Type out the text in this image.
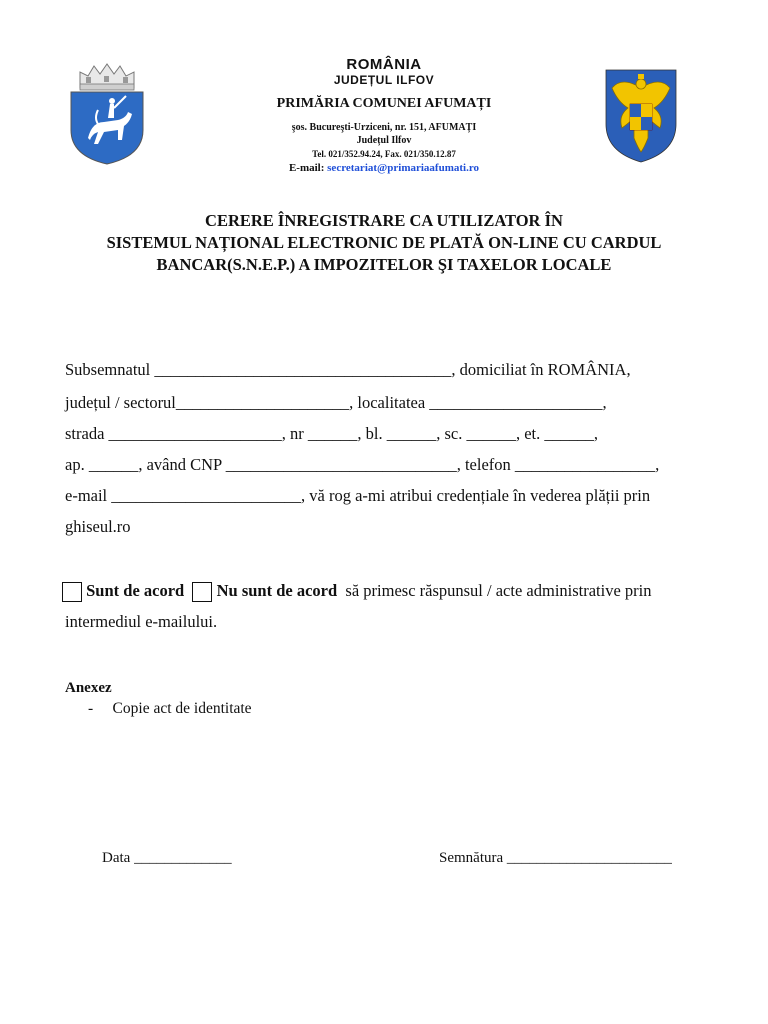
ROMÂNIA
JUDEȚUL ILFOV
PRIMĂRIA COMUNEI AFUMAȚI
şos. Bucureşti-Urziceni, nr. 151, AFUMAȚI
Județul Ilfov
Tel. 021/352.94.24, Fax. 021/350.12.87
E-mail: secretariat@primariaafumati.ro
CERERE ÎNREGISTRARE CA UTILIZATOR ÎN
SISTEMUL NAȚIONAL ELECTRONIC DE PLATĂ ON-LINE CU CARDUL
BANCAR(S.N.E.P.) A IMPOZITELOR ŞI TAXELOR LOCALE
Subsemnatul ____________________________________, domiciliat în ROMÂNIA,
județul / sectorul_____________________, localitatea _____________________,
strada _____________________, nr ______, bl. ______, sc. ______, et. ______,
ap. ______, având CNP ____________________________, telefon _________________,
e-mail _______________________, vă rog a-mi atribui credențiale în vederea plății prin
ghiseul.ro
Sunt de acord Nu sunt de acord să primesc răspunsul / acte administrative prin
intermediul e-mailului.
Anexez
- Copie act de identitate
Data _____________	Semnătura ______________________
